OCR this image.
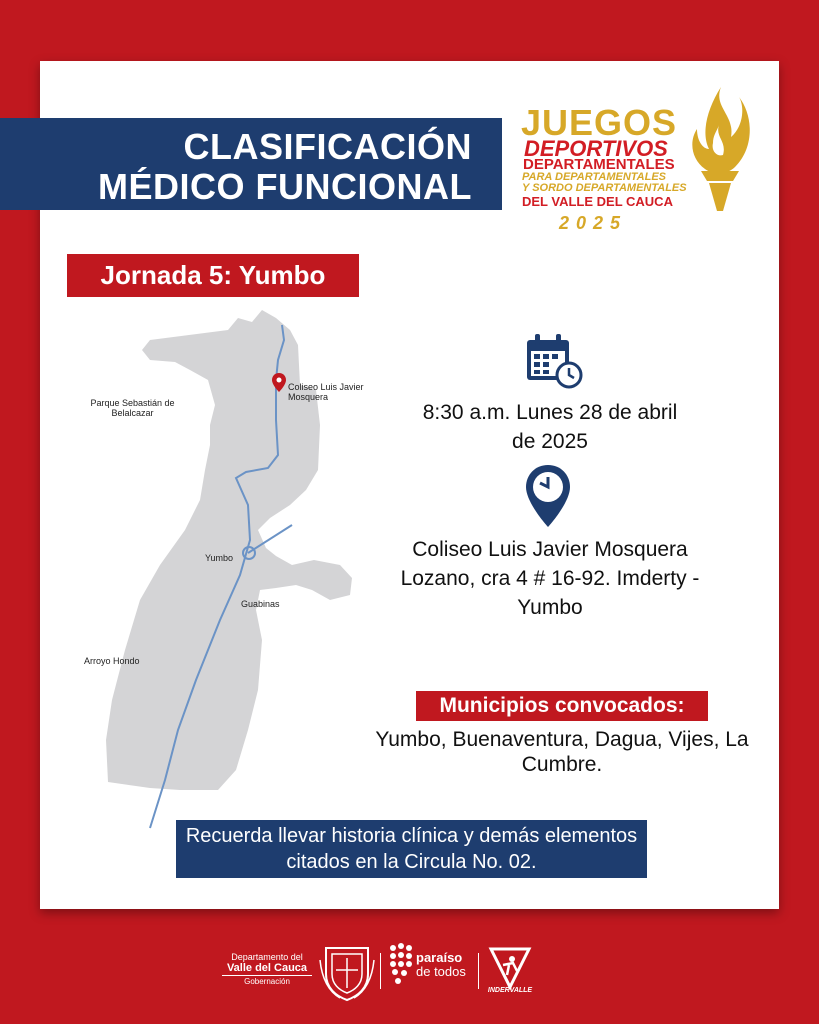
CLASIFICACIÓN
MÉDICO FUNCIONAL
JUEGOS
DEPORTIVOS
DEPARTAMENTALES
PARA DEPARTAMENTALES
Y SORDO DEPARTAMENTALES
DEL VALLE DEL CAUCA
2025
Jornada 5: Yumbo
Parque Sebastián de Belalcazar
Coliseo Luis Javier Mosquera
Yumbo
Guabinas
Arroyo Hondo
8:30 a.m. Lunes 28 de abril de 2025
Coliseo Luis Javier Mosquera Lozano, cra 4 # 16-92. Imderty - Yumbo
Municipios convocados:
Yumbo, Buenaventura, Dagua, Vijes, La Cumbre.
Recuerda llevar historia clínica y demás elementos citados en la Circula No. 02.
Departamento del
Valle del Cauca
Gobernación
paraíso
de todos
INDERVALLE
